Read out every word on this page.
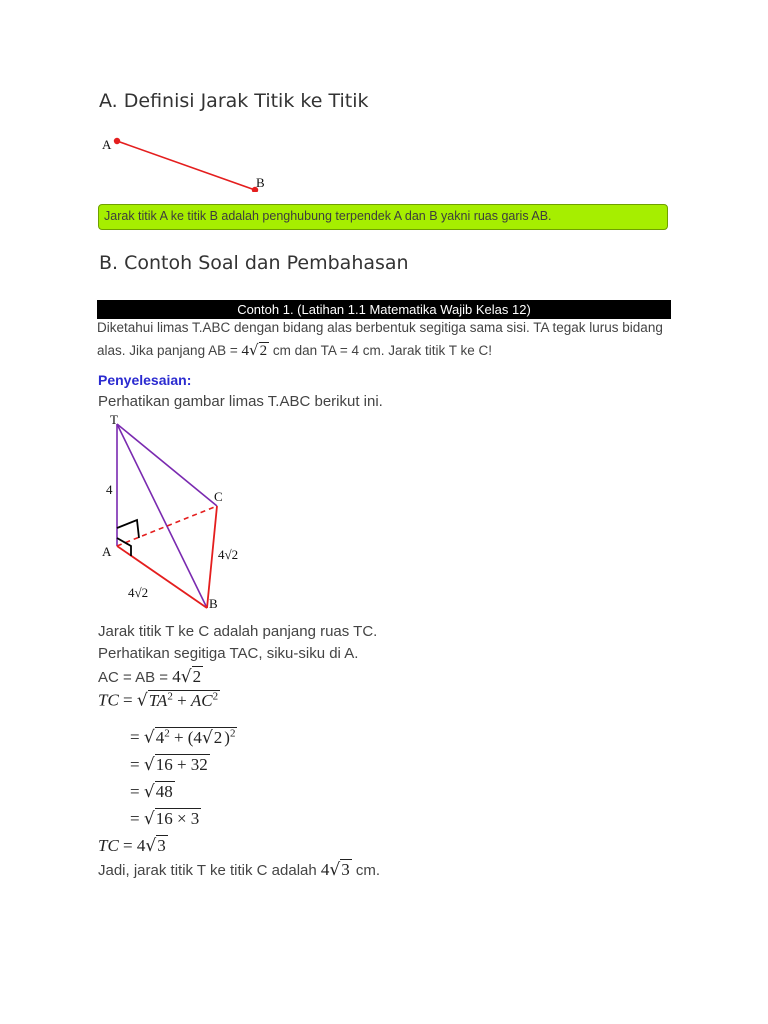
A. Definisi Jarak Titik ke Titik
A
B
Jarak titik A ke titik B adalah penghubung terpendek A dan B yakni ruas garis AB.
B. Contoh Soal dan Pembahasan
Contoh 1. (Latihan 1.1 Matematika Wajib Kelas 12)
Diketahui limas T.ABC dengan bidang alas berbentuk segitiga sama sisi. TA tegak lurus bidang
alas. Jika panjang AB = 4√2 cm dan TA = 4 cm. Jarak titik T ke C!
Penyelesaian:
Perhatikan gambar limas T.ABC berikut ini.
T
4	C
A	4√2
4√2
B
Jarak titik T ke C adalah panjang ruas TC.
Perhatikan segitiga TAC, siku-siku di A.
AC = AB = 4√2
TC = $√TA^2 + AC^2$
= $√4^2 + (4√2$ )$^2$
= √16 + 32
= √48
= √16 × 3
TC = 4√3
Jadi, jarak titik T ke titik C adalah 4√3 cm.
